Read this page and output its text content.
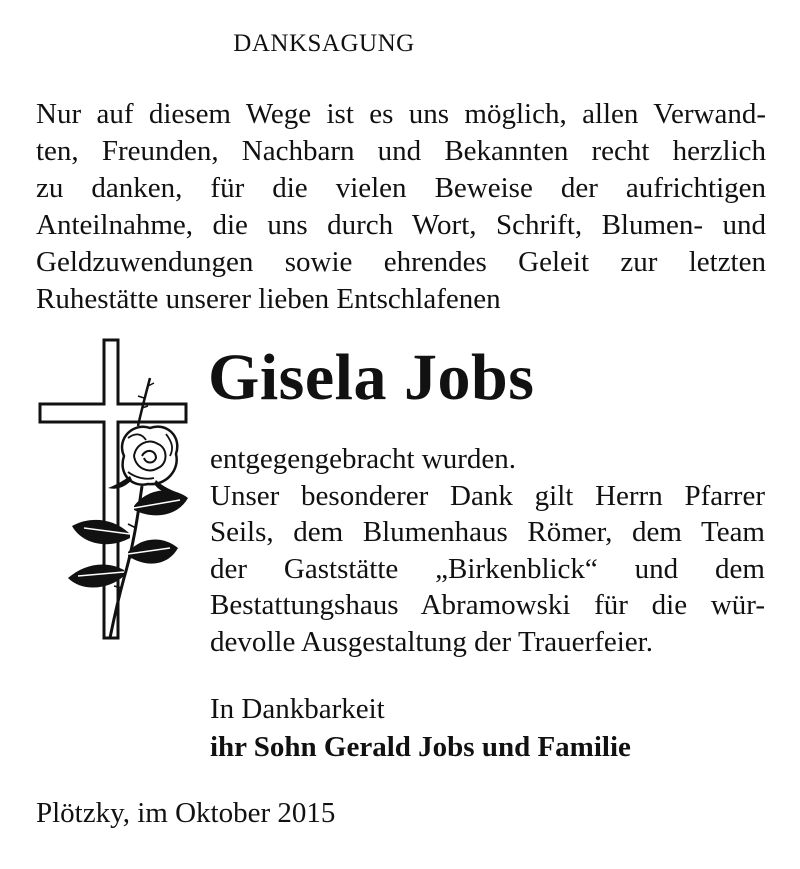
DANKSAGUNG
Nur auf diesem Wege ist es uns möglich, allen Verwand-
ten, Freunden, Nachbarn und Bekannten recht herzlich
zu danken, für die vielen Beweise der aufrichtigen
Anteilnahme, die uns durch Wort, Schrift, Blumen- und
Geldzuwendungen sowie ehrendes Geleit zur letzten
Ruhestätte unserer lieben Entschlafenen
Gisela Jobs
entgegengebracht wurden.
Unser besonderer Dank gilt Herrn Pfarrer
Seils, dem Blumenhaus Römer, dem Team
der Gaststätte „Birkenblick“ und dem
Bestattungshaus Abramowski für die wür-
devolle Ausgestaltung der Trauerfeier.
In Dankbarkeit
ihr Sohn Gerald Jobs und Familie
Plötzky, im Oktober 2015
